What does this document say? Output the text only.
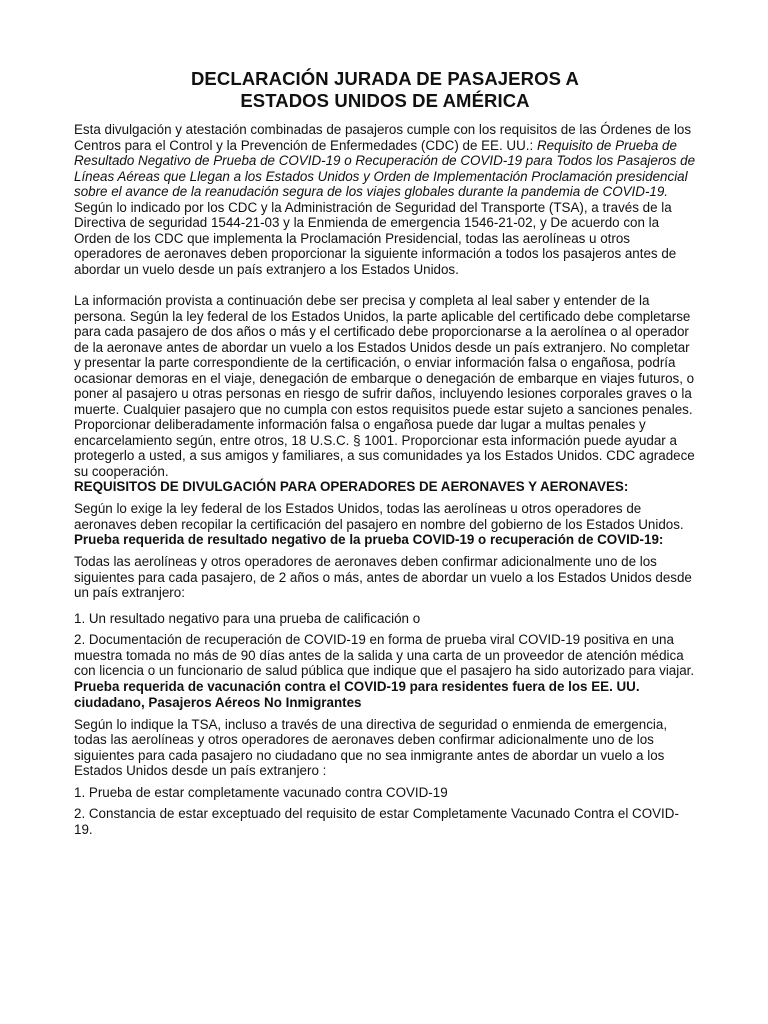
DECLARACIÓN JURADA DE PASAJEROS A
ESTADOS UNIDOS DE AMÉRICA

Esta divulgación y atestación combinadas de pasajeros cumple con los requisitos de las Órdenes de los Centros para el Control y la Prevención de Enfermedades (CDC) de EE. UU.: Requisito de Prueba de Resultado Negativo de Prueba de COVID-19 o Recuperación de COVID-19 para Todos los Pasajeros de Líneas Aéreas que Llegan a los Estados Unidos y Orden de Implementación Proclamación presidencial sobre el avance de la reanudación segura de los viajes globales durante la pandemia de COVID-19. Según lo indicado por los CDC y la Administración de Seguridad del Transporte (TSA), a través de la Directiva de seguridad 1544-21-03 y la Enmienda de emergencia 1546-21-02, y De acuerdo con la Orden de los CDC que implementa la Proclamación Presidencial, todas las aerolíneas u otros operadores de aeronaves deben proporcionar la siguiente información a todos los pasajeros antes de abordar un vuelo desde un país extranjero a los Estados Unidos.

La información provista a continuación debe ser precisa y completa al leal saber y entender de la persona. Según la ley federal de los Estados Unidos, la parte aplicable del certificado debe completarse para cada pasajero de dos años o más y el certificado debe proporcionarse a la aerolínea o al operador de la aeronave antes de abordar un vuelo a los Estados Unidos desde un país extranjero. No completar y presentar la parte correspondiente de la certificación, o enviar información falsa o engañosa, podría ocasionar demoras en el viaje, denegación de embarque o denegación de embarque en viajes futuros, o poner al pasajero u otras personas en riesgo de sufrir daños, incluyendo lesiones corporales graves o la muerte. Cualquier pasajero que no cumpla con estos requisitos puede estar sujeto a sanciones penales. Proporcionar deliberadamente información falsa o engañosa puede dar lugar a multas penales y encarcelamiento según, entre otros, 18 U.S.C. § 1001. Proporcionar esta información puede ayudar a protegerlo a usted, a sus amigos y familiares, a sus comunidades ya los Estados Unidos. CDC agradece su cooperación.

REQUISITOS DE DIVULGACIÓN PARA OPERADORES DE AERONAVES Y AERONAVES:

Según lo exige la ley federal de los Estados Unidos, todas las aerolíneas u otros operadores de aeronaves deben recopilar la certificación del pasajero en nombre del gobierno de los Estados Unidos.

Prueba requerida de resultado negativo de la prueba COVID-19 o recuperación de COVID-19:

Todas las aerolíneas y otros operadores de aeronaves deben confirmar adicionalmente uno de los siguientes para cada pasajero, de 2 años o más, antes de abordar un vuelo a los Estados Unidos desde un país extranjero:

1. Un resultado negativo para una prueba de calificación o

2. Documentación de recuperación de COVID-19 en forma de prueba viral COVID-19 positiva en una muestra tomada no más de 90 días antes de la salida y una carta de un proveedor de atención médica con licencia o un funcionario de salud pública que indique que el pasajero ha sido autorizado para viajar.

Prueba requerida de vacunación contra el COVID-19 para residentes fuera de los EE. UU. ciudadano, Pasajeros Aéreos No Inmigrantes

Según lo indique la TSA, incluso a través de una directiva de seguridad o enmienda de emergencia, todas las aerolíneas y otros operadores de aeronaves deben confirmar adicionalmente uno de los siguientes para cada pasajero no ciudadano que no sea inmigrante antes de abordar un vuelo a los Estados Unidos desde un país extranjero :

1. Prueba de estar completamente vacunado contra COVID-19

2. Constancia de estar exceptuado del requisito de estar Completamente Vacunado Contra el COVID-19.
